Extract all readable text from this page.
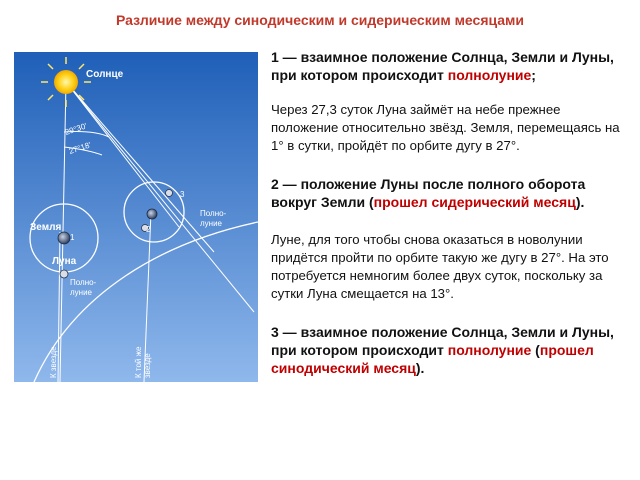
Различие между синодическим и сидерическим месяцами
Солнце
29°30'
27°18'
Земля
Луна
1
2
3
Полно-
луние
Полно-
луние
К звезде	К той же звезде

1 — взаимное положение Солнца, Земли и Луны, при котором происходит полнолуние;

Через 27,3 суток Луна займёт на небе прежнее положение относительно звёзд. Земля, перемещаясь на 1° в сутки, пройдёт по орбите дугу в 27°.

2 — положение Луны после полного оборота вокруг Земли (прошел сидерический месяц).

Луне, для того чтобы снова оказаться в новолунии придётся пройти по орбите такую же дугу в 27°. На это потребуется немногим более двух суток, поскольку за сутки Луна смещается на 13°.

3 — взаимное положение Солнца, Земли и Луны, при котором происходит полнолуние (прошел синодический месяц).
